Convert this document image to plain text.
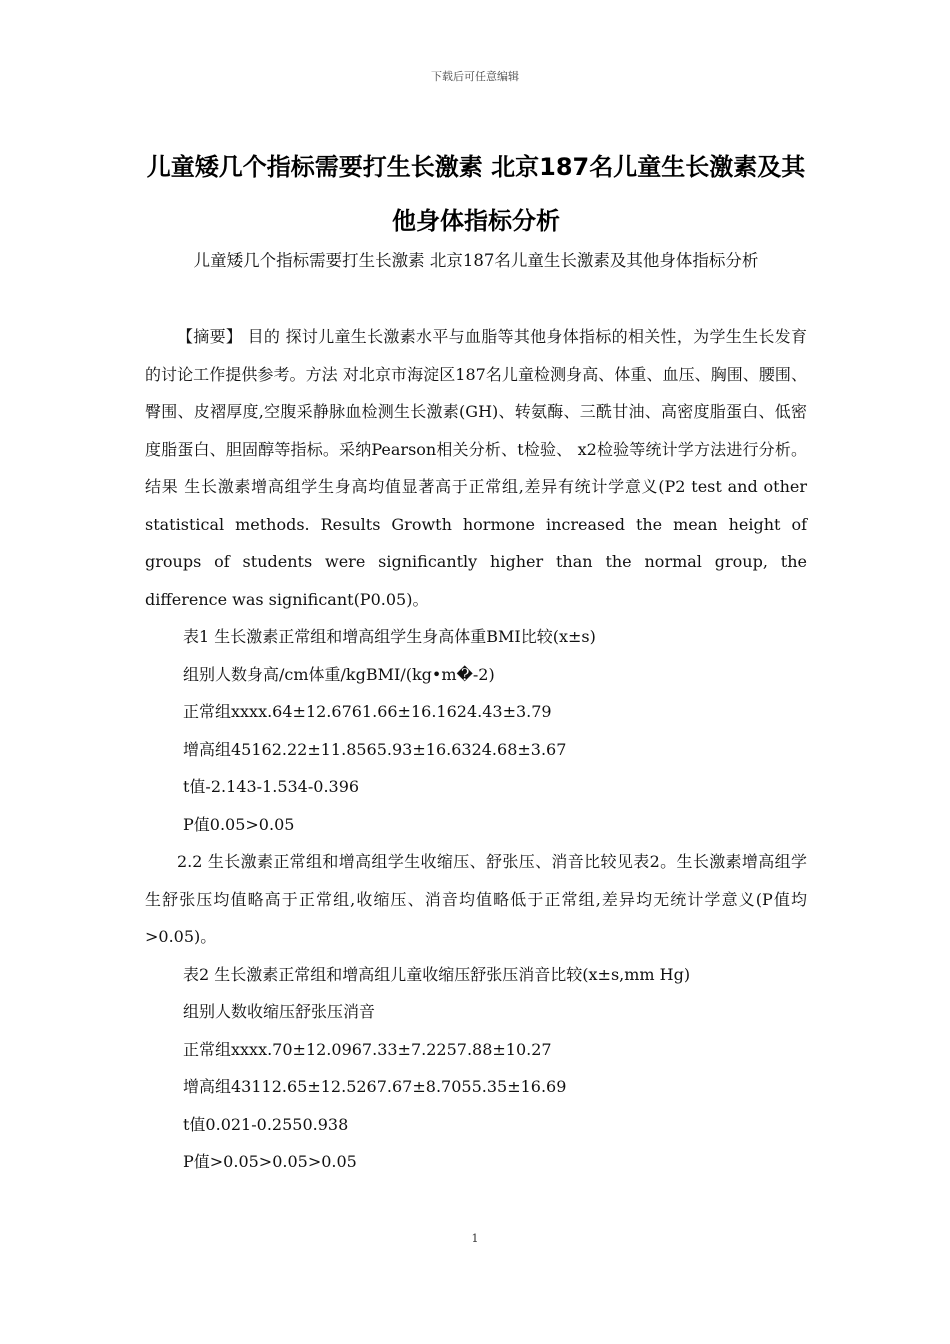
下载后可任意编辑
儿童矮几个指标需要打生长激素 北京187名儿童生长激素及其他身体指标分析
儿童矮几个指标需要打生长激素 北京187名儿童生长激素及其他身体指标分析

【摘要】 目的 探讨儿童生长激素水平与血脂等其他身体指标的相关性，为学生生长发育的讨论工作提供参考。方法 对北京市海淀区187名儿童检测身高、体重、血压、胸围、腰围、臀围、皮褶厚度,空腹采静脉血检测生长激素(GH)、转氨酶、三酰甘油、高密度脂蛋白、低密度脂蛋白、胆固醇等指标。采纳Pearson相关分析、t检验、 x2检验等统计学方法进行分析。结果 生长激素增高组学生身高均值显著高于正常组,差异有统计学意义(P2 test and other statistical methods. Results Growth hormone increased the mean height of groups of students were significantly higher than the normal group, the difference was significant(P0.05)。

表1 生长激素正常组和增高组学生身高体重BMI比较(x±s)

组别人数身高/cm体重/kgBMI/(kg•m�-2)

正常组xxxx.64±12.6761.66±16.1624.43±3.79

增高组45162.22±11.8565.93±16.6324.68±3.67

t值-2.143-1.534-0.396

P值0.05>0.05

2.2 生长激素正常组和增高组学生收缩压、舒张压、消音比较见表2。生长激素增高组学生舒张压均值略高于正常组,收缩压、消音均值略低于正常组,差异均无统计学意义(P值均>0.05)。

表2 生长激素正常组和增高组儿童收缩压舒张压消音比较(x±s,mm Hg)

组别人数收缩压舒张压消音

正常组xxxx.70±12.0967.33±7.2257.88±10.27

增高组43112.65±12.5267.67±8.7055.35±16.69

t值0.021-0.2550.938

P值>0.05>0.05>0.05

1
